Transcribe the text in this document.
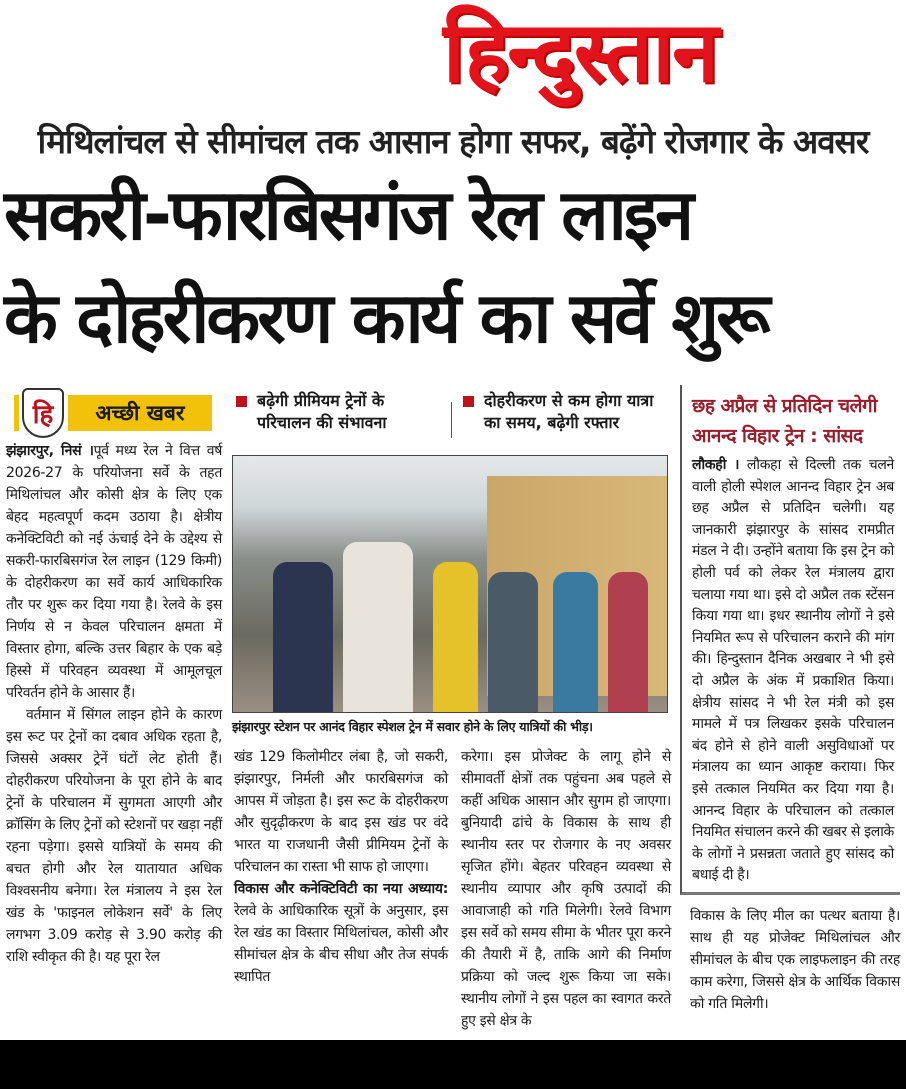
हिन्दुस्तान
मिथिलांचल से सीमांचल तक आसान होगा सफर, बढ़ेंगे रोजगार के अवसर
सकरी-फारबिसगंज रेल लाइन
के दोहरीकरण कार्य का सर्वे शुरू
हि	अच्छी खबर

झंझारपुर, निसं ।पूर्व मध्य रेल ने वित्त वर्ष 2026-27 के परियोजना सर्वे के तहत मिथिलांचल और कोसी क्षेत्र के लिए एक बेहद महत्वपूर्ण कदम उठाया है। क्षेत्रीय कनेक्टिविटी को नई ऊंचाई देने के उद्देश्य से सकरी-फारबिसगंज रेल लाइन (129 किमी) के दोहरीकरण का सर्वे कार्य आधिकारिक तौर पर शुरू कर दिया गया है। रेलवे के इस निर्णय से न केवल परिचालन क्षमता में विस्तार होगा, बल्कि उत्तर बिहार के एक बड़े हिस्से में परिवहन व्यवस्था में आमूलचूल परिवर्तन होने के आसार हैं।

वर्तमान में सिंगल लाइन होने के कारण इस रूट पर ट्रेनों का दबाव अधिक रहता है, जिससे अक्सर ट्रेनें घंटों लेट होती हैं। दोहरीकरण परियोजना के पूरा होने के बाद ट्रेनों के परिचालन में सुगमता आएगी और क्रॉसिंग के लिए ट्रेनों को स्टेशनों पर खड़ा नहीं रहना पड़ेगा। इससे यात्रियों के समय की बचत होगी और रेल यातायात अधिक विश्वसनीय बनेगा। रेल मंत्रालय ने इस रेल खंड के 'फाइनल लोकेशन सर्वे' के लिए लगभग 3.09 करोड़ से 3.90 करोड़ की राशि स्वीकृत की है। यह पूरा रेल

बढ़ेगी प्रीमियम ट्रेनों के परिचालन की संभावना
दोहरीकरण से कम होगा यात्रा का समय, बढ़ेगी रफ्तार
झंझारपुर स्टेशन पर आनंद विहार स्पेशल ट्रेन में सवार होने के लिए यात्रियों की भीड़।

खंड 129 किलोमीटर लंबा है, जो सकरी, झंझारपुर, निर्मली और फारबिसगंज को आपस में जोड़ता है। इस रूट के दोहरीकरण और सुदृढ़ीकरण के बाद इस खंड पर वंदे भारत या राजधानी जैसी प्रीमियम ट्रेनों के परिचालन का रास्ता भी साफ हो जाएगा।

विकास और कनेक्टिविटी का नया अध्याय: रेलवे के आधिकारिक सूत्रों के अनुसार, इस रेल खंड का विस्तार मिथिलांचल, कोसी और सीमांचल क्षेत्र के बीच सीधा और तेज संपर्क स्थापित

करेगा। इस प्रोजेक्ट के लागू होने से सीमावर्ती क्षेत्रों तक पहुंचना अब पहले से कहीं अधिक आसान और सुगम हो जाएगा। बुनियादी ढांचे के विकास के साथ ही स्थानीय स्तर पर रोजगार के नए अवसर सृजित होंगे। बेहतर परिवहन व्यवस्था से स्थानीय व्यापार और कृषि उत्पादों की आवाजाही को गति मिलेगी। रेलवे विभाग इस सर्वे को समय सीमा के भीतर पूरा करने की तैयारी में है, ताकि आगे की निर्माण प्रक्रिया को जल्द शुरू किया जा सके। स्थानीय लोगों ने इस पहल का स्वागत करते हुए इसे क्षेत्र के
छह अप्रैल से प्रतिदिन चलेगी आनन्द विहार ट्रेन : सांसद

लौकही । लौकहा से दिल्ली तक चलने वाली होली स्पेशल आनन्द विहार ट्रेन अब छह अप्रैल से प्रतिदिन चलेगी। यह जानकारी झंझारपुर के सांसद रामप्रीत मंडल ने दी। उन्होंने बताया कि इस ट्रेन को होली पर्व को लेकर रेल मंत्रालय द्वारा चलाया गया था। इसे दो अप्रैल तक स्टेंसन किया गया था। इधर स्थानीय लोगों ने इसे नियमित रूप से परिचालन कराने की मांग की। हिन्दुस्तान दैनिक अखबार ने भी इसे दो अप्रैल के अंक में प्रकाशित किया। क्षेत्रीय सांसद ने भी रेल मंत्री को इस मामले में पत्र लिखकर इसके परिचालन बंद होने से होने वाली असुविधाओं पर मंत्रालय का ध्यान आकृष्ट कराया। फिर इसे तत्काल नियमित कर दिया गया है। आनन्द विहार के परिचालन को तत्काल नियमित संचालन करने की खबर से इलाके के लोगों ने प्रसन्नता जताते हुए सांसद को बधाई दी है।

विकास के लिए मील का पत्थर बताया है। साथ ही यह प्रोजेक्ट मिथिलांचल और सीमांचल के बीच एक लाइफलाइन की तरह काम करेगा, जिससे क्षेत्र के आर्थिक विकास को गति मिलेगी।
